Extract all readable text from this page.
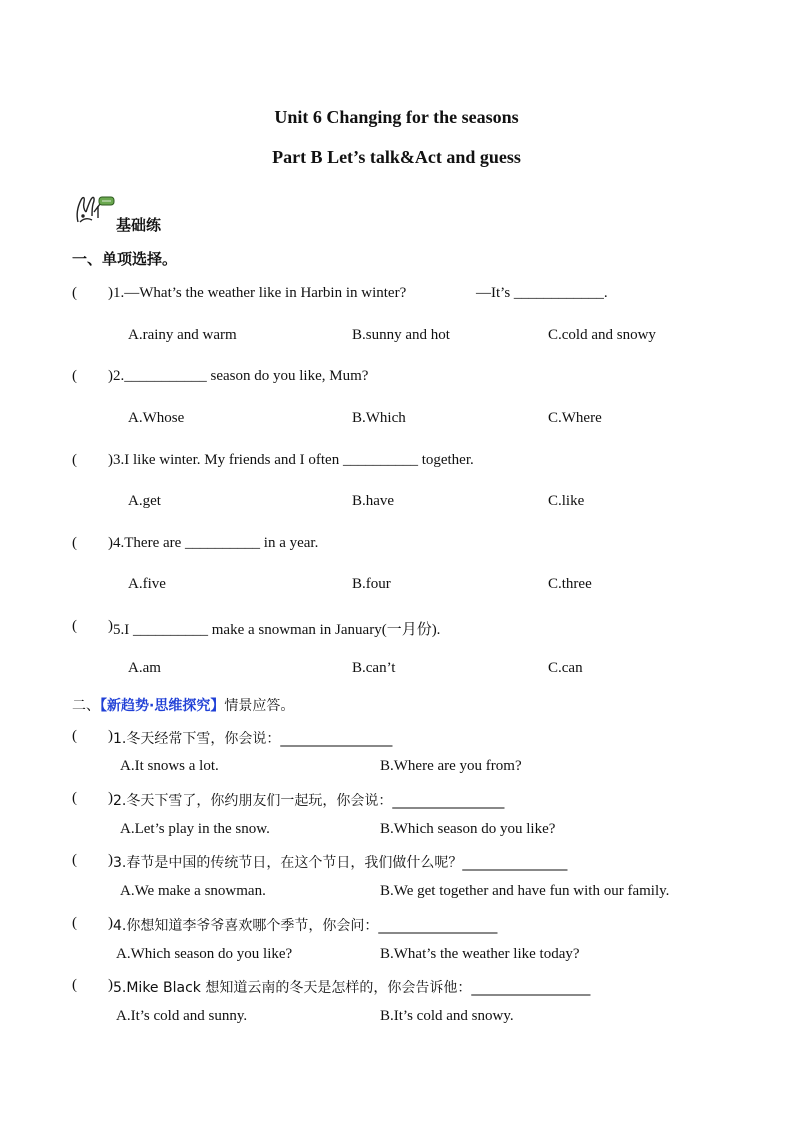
Unit 6 Changing for the seasons
Part B Let’s talk&Act and guess
基础练
一、单项选择。
( ) 1.—What’s the weather like in Harbin in winter?	—It’s ____________.
A.rainy and warm	B.sunny and hot	C.cold and snowy
( ) 2.___________ season do you like, Mum?
A.Whose	B.Which	C.Where
( ) 3.I like winter. My friends and I often __________ together.
A.get	B.have	C.like
( ) 4.There are __________ in a year.
A.five	B.four	C.three
( ) 5.I __________ make a snowman in January(一月份).
A.am	B.can’t	C.can
二、【新趋势·思维探究】情景应答。
( ) 1.冬天经常下雪，你会说：________________
A.It snows a lot.	B.Where are you from?
( ) 2.冬天下雪了，你约朋友们一起玩，你会说：________________
A.Let’s play in the snow.	B.Which season do you like?
( ) 3.春节是中国的传统节日，在这个节日，我们做什么呢？_______________
A.We make a snowman.	B.We get together and have fun with our family.
( ) 4.你想知道李爷爷喜欢哪个季节，你会问：_________________
A.Which season do you like?	B.What’s the weather like today?
( ) 5.Mike Black 想知道云南的冬天是怎样的，你会告诉他：_________________
A.It’s cold and sunny.	B.It’s cold and snowy.
